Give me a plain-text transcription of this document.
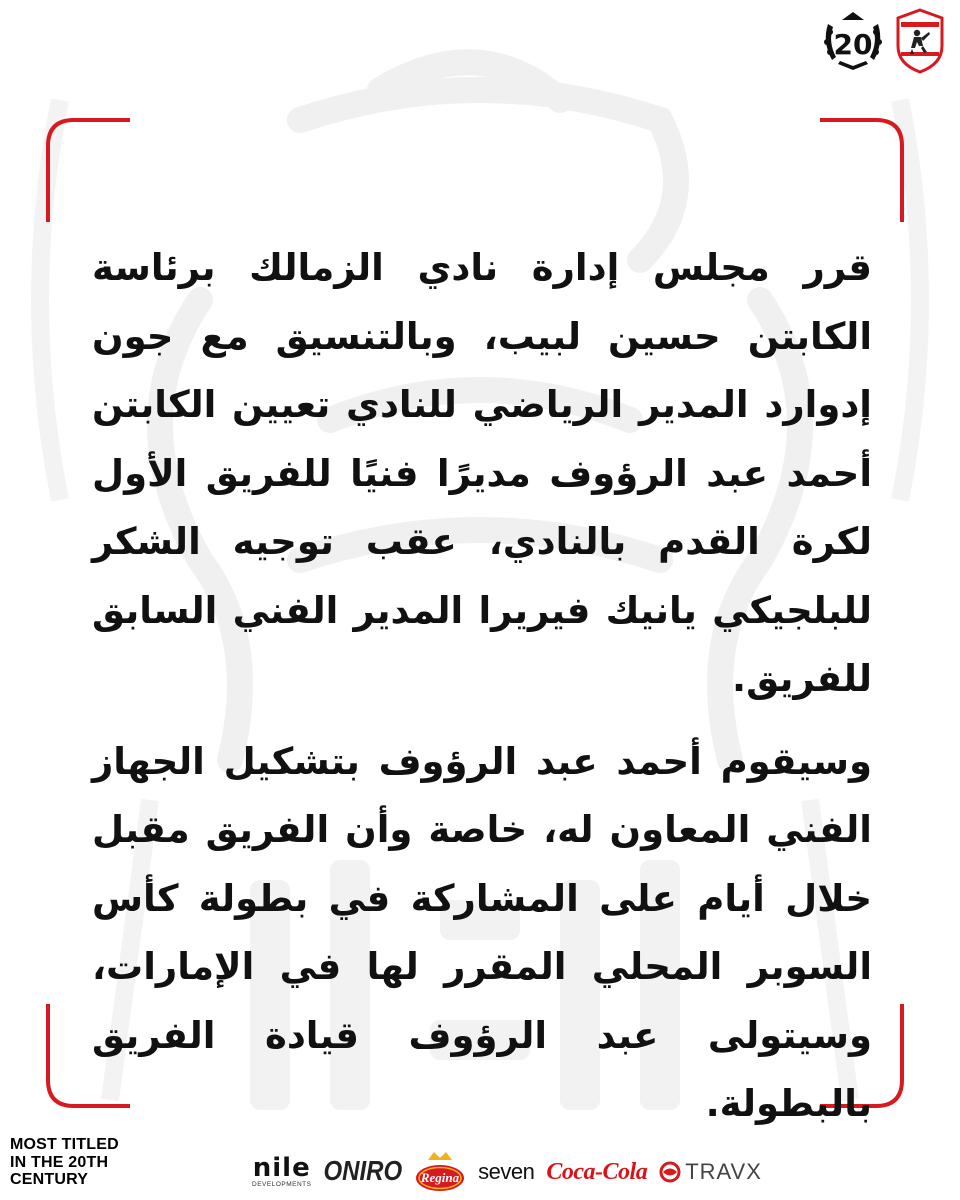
20

قرر مجلس إدارة نادي الزمالك برئاسة الكابتن حسين لبيب، وبالتنسيق مع جون إدوارد المدير الرياضي للنادي تعيين الكابتن أحمد عبد الرؤوف مديرًا فنيًا للفريق الأول لكرة القدم بالنادي، عقب توجيه الشكر للبلجيكي يانيك فيريرا المدير الفني السابق للفريق.

وسيقوم أحمد عبد الرؤوف بتشكيل الجهاز الفني المعاون له، خاصة وأن الفريق مقبل خلال أيام على المشاركة في بطولة كأس السوبر المحلي المقرر لها في الإمارات، وسيتولى عبد الرؤوف قيادة الفريق بالبطولة.

MOST TITLED
IN THE 20TH
CENTURY	nile
DEVELOPMENTS ONIRO Regina seven Coca-Cola TRAVX
